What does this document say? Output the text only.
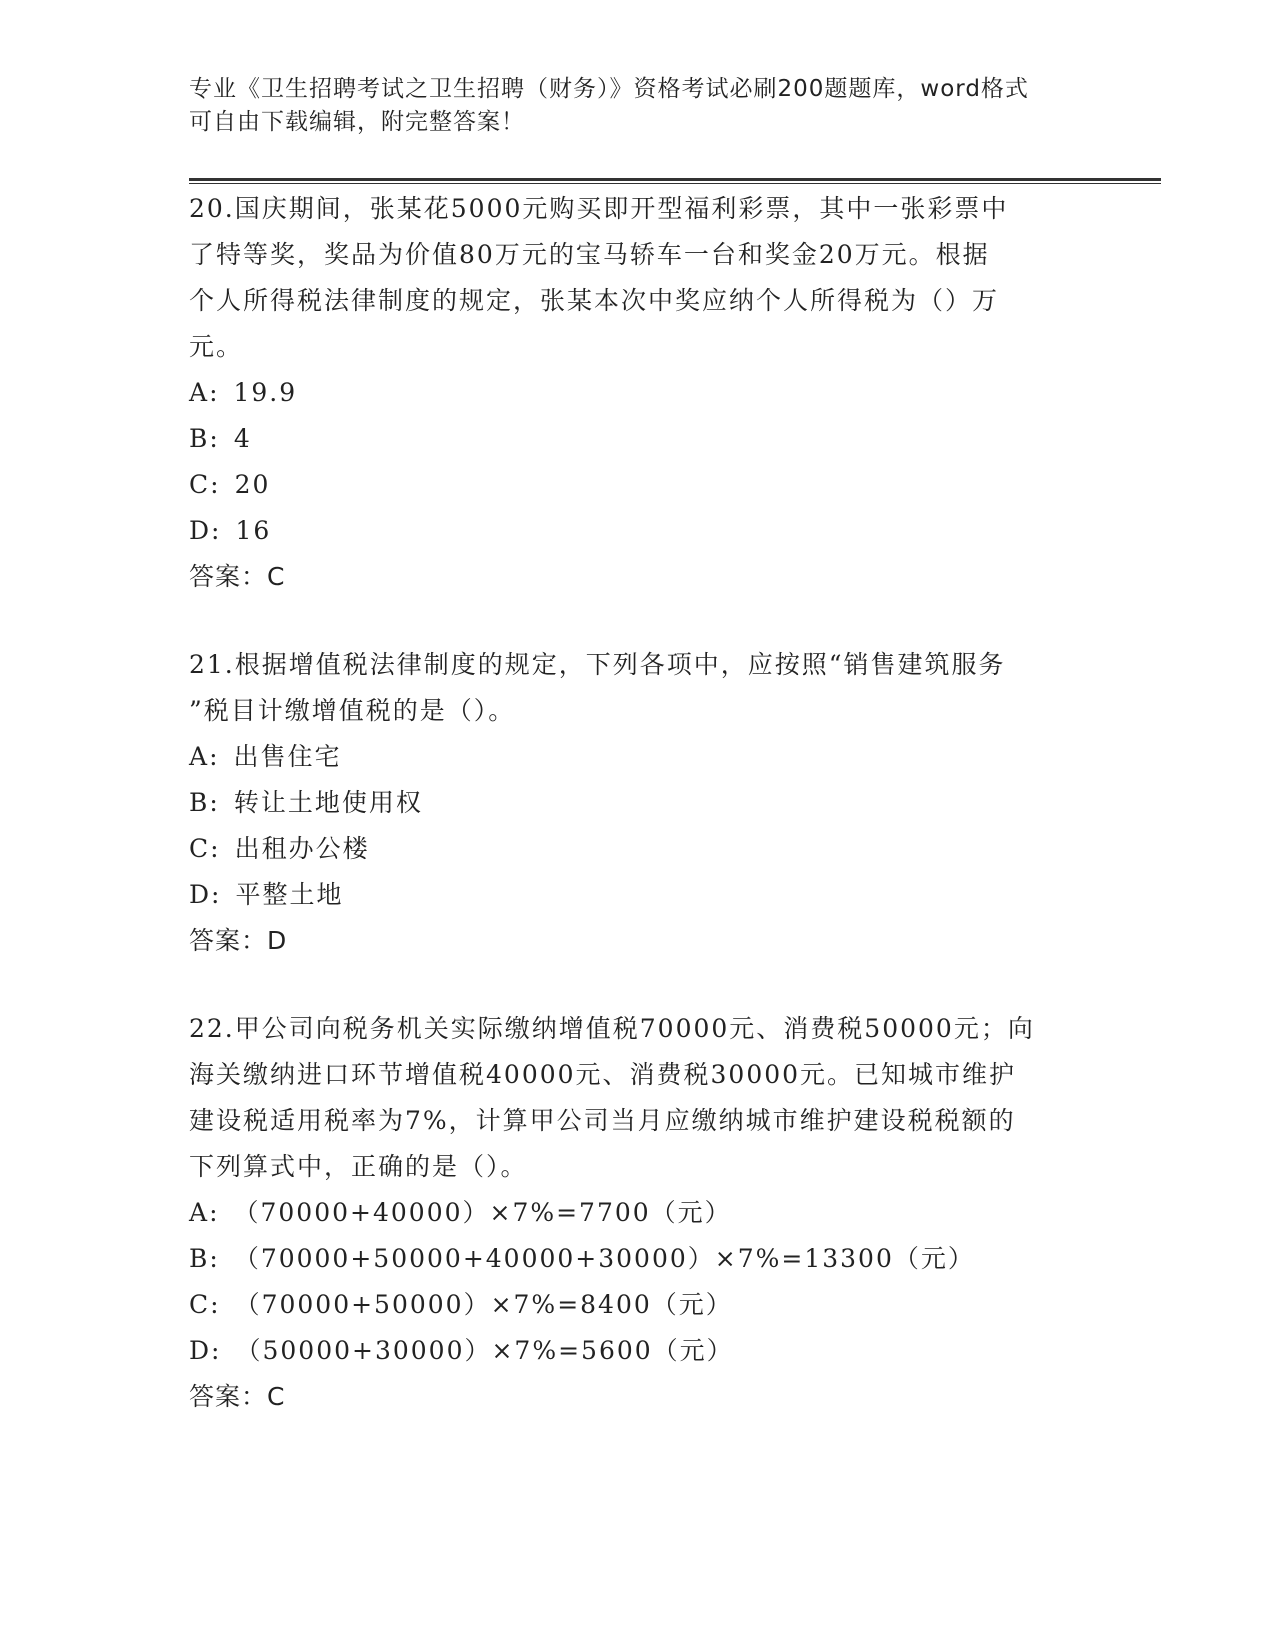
专业《卫生招聘考试之卫生招聘（财务）》资格考试必刷200题题库，word格式
可自由下载编辑，附完整答案！
20.国庆期间，张某花5000元购买即开型福利彩票，其中一张彩票中
了特等奖，奖品为价值80万元的宝马轿车一台和奖金20万元。根据
个人所得税法律制度的规定，张某本次中奖应纳个人所得税为（）万
元。
A: 19.9
B: 4
C: 20
D: 16
答案：C
21.根据增值税法律制度的规定，下列各项中，应按照“销售建筑服务
”税目计缴增值税的是（）。
A: 出售住宅
B: 转让土地使用权
C: 出租办公楼
D: 平整土地
答案：D
22.甲公司向税务机关实际缴纳增值税70000元、消费税50000元；向
海关缴纳进口环节增值税40000元、消费税30000元。已知城市维护
建设税适用税率为7%，计算甲公司当月应缴纳城市维护建设税税额的
下列算式中，正确的是（）。
A: （70000+40000）×7%=7700（元）
B: （70000+50000+40000+30000）×7%=13300（元）
C: （70000+50000）×7%=8400（元）
D: （50000+30000）×7%=5600（元）
答案：C
